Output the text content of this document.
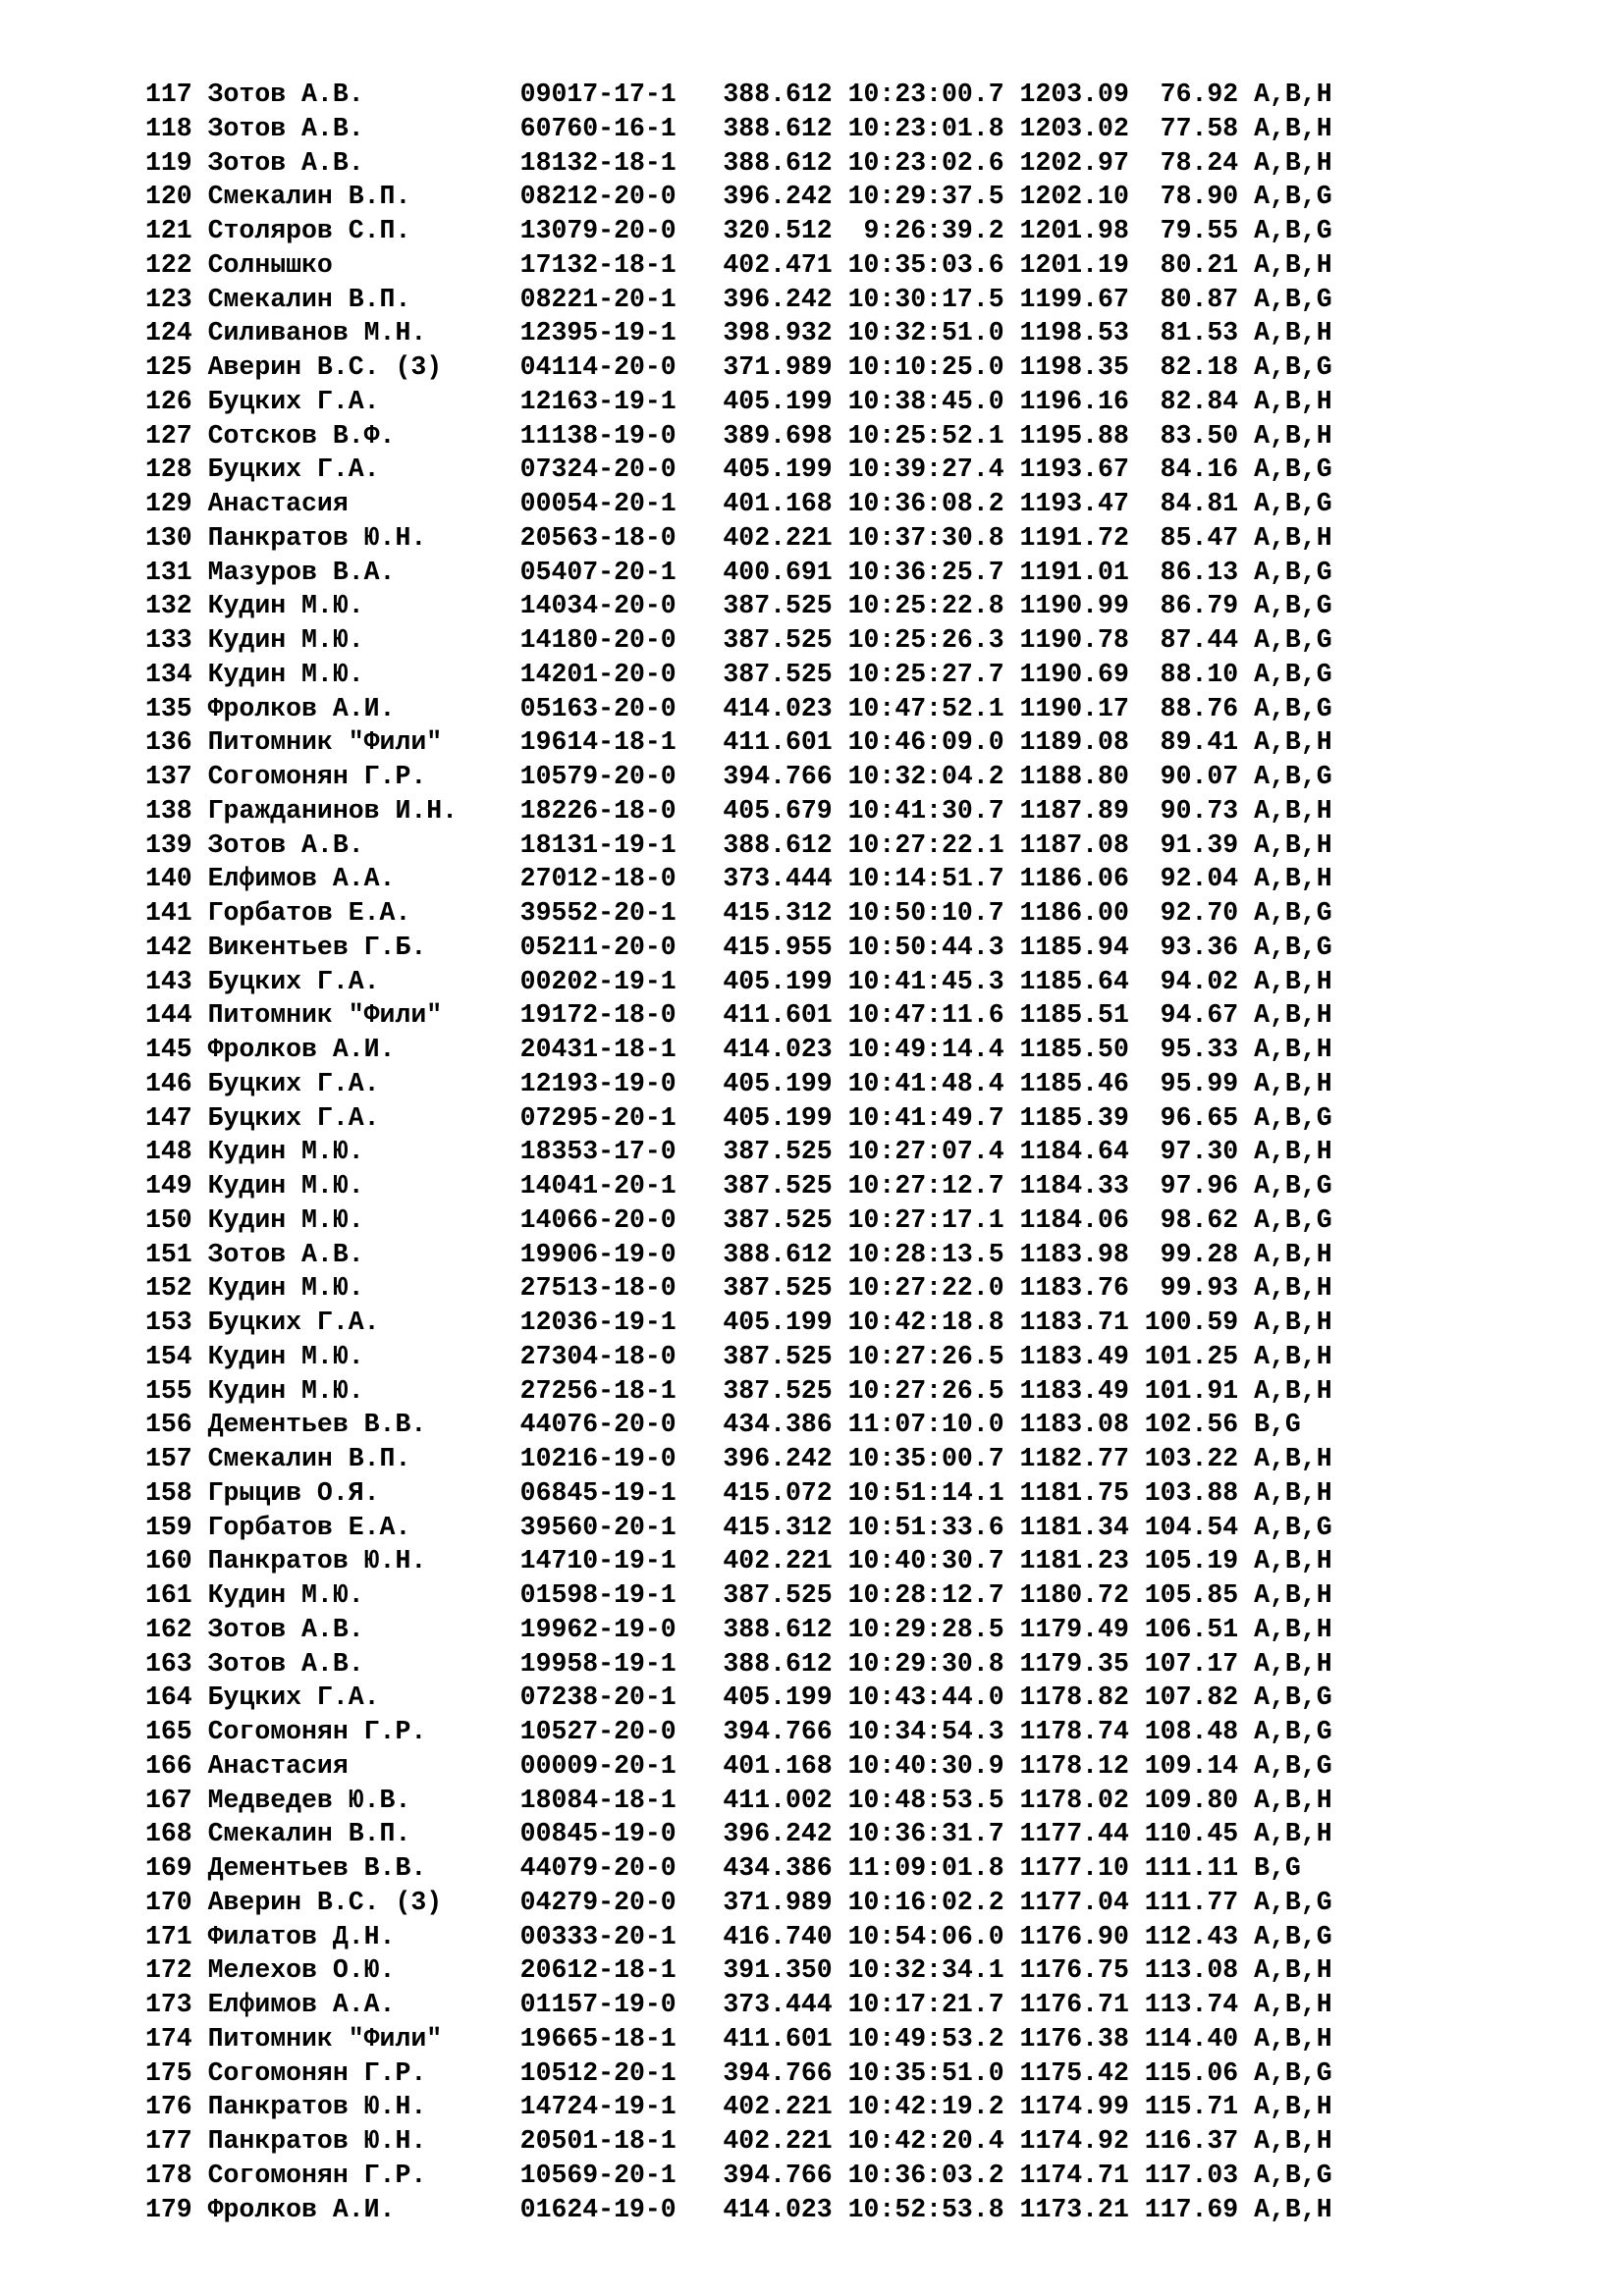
117 Зотов А.В.          09017-17-1   388.612 10:23:00.7 1203.09  76.92 A,B,H
118 Зотов А.В.          60760-16-1   388.612 10:23:01.8 1203.02  77.58 A,B,H
119 Зотов А.В.          18132-18-1   388.612 10:23:02.6 1202.97  78.24 A,B,H
120 Смекалин В.П.       08212-20-0   396.242 10:29:37.5 1202.10  78.90 A,B,G
121 Столяров С.П.       13079-20-0   320.512  9:26:39.2 1201.98  79.55 A,B,G
122 Солнышко            17132-18-1   402.471 10:35:03.6 1201.19  80.21 A,B,H
123 Смекалин В.П.       08221-20-1   396.242 10:30:17.5 1199.67  80.87 A,B,G
124 Силиванов М.Н.      12395-19-1   398.932 10:32:51.0 1198.53  81.53 A,B,H
125 Аверин В.С. (3)     04114-20-0   371.989 10:10:25.0 1198.35  82.18 A,B,G
126 Буцких Г.А.         12163-19-1   405.199 10:38:45.0 1196.16  82.84 A,B,H
127 Сотсков В.Ф.        11138-19-0   389.698 10:25:52.1 1195.88  83.50 A,B,H
128 Буцких Г.А.         07324-20-0   405.199 10:39:27.4 1193.67  84.16 A,B,G
129 Анастасия           00054-20-1   401.168 10:36:08.2 1193.47  84.81 A,B,G
130 Панкратов Ю.Н.      20563-18-0   402.221 10:37:30.8 1191.72  85.47 A,B,H
131 Мазуров В.А.        05407-20-1   400.691 10:36:25.7 1191.01  86.13 A,B,G
132 Кудин М.Ю.          14034-20-0   387.525 10:25:22.8 1190.99  86.79 A,B,G
133 Кудин М.Ю.          14180-20-0   387.525 10:25:26.3 1190.78  87.44 A,B,G
134 Кудин М.Ю.          14201-20-0   387.525 10:25:27.7 1190.69  88.10 A,B,G
135 Фролков А.И.        05163-20-0   414.023 10:47:52.1 1190.17  88.76 A,B,G
136 Питомник "Фили"     19614-18-1   411.601 10:46:09.0 1189.08  89.41 A,B,H
137 Согомонян Г.Р.      10579-20-0   394.766 10:32:04.2 1188.80  90.07 A,B,G
138 Гражданинов И.Н.    18226-18-0   405.679 10:41:30.7 1187.89  90.73 A,B,H
139 Зотов А.В.          18131-19-1   388.612 10:27:22.1 1187.08  91.39 A,B,H
140 Елфимов А.А.        27012-18-0   373.444 10:14:51.7 1186.06  92.04 A,B,H
141 Горбатов Е.А.       39552-20-1   415.312 10:50:10.7 1186.00  92.70 A,B,G
142 Викентьев Г.Б.      05211-20-0   415.955 10:50:44.3 1185.94  93.36 A,B,G
143 Буцких Г.А.         00202-19-1   405.199 10:41:45.3 1185.64  94.02 A,B,H
144 Питомник "Фили"     19172-18-0   411.601 10:47:11.6 1185.51  94.67 A,B,H
145 Фролков А.И.        20431-18-1   414.023 10:49:14.4 1185.50  95.33 A,B,H
146 Буцких Г.А.         12193-19-0   405.199 10:41:48.4 1185.46  95.99 A,B,H
147 Буцких Г.А.         07295-20-1   405.199 10:41:49.7 1185.39  96.65 A,B,G
148 Кудин М.Ю.          18353-17-0   387.525 10:27:07.4 1184.64  97.30 A,B,H
149 Кудин М.Ю.          14041-20-1   387.525 10:27:12.7 1184.33  97.96 A,B,G
150 Кудин М.Ю.          14066-20-0   387.525 10:27:17.1 1184.06  98.62 A,B,G
151 Зотов А.В.          19906-19-0   388.612 10:28:13.5 1183.98  99.28 A,B,H
152 Кудин М.Ю.          27513-18-0   387.525 10:27:22.0 1183.76  99.93 A,B,H
153 Буцких Г.А.         12036-19-1   405.199 10:42:18.8 1183.71 100.59 A,B,H
154 Кудин М.Ю.          27304-18-0   387.525 10:27:26.5 1183.49 101.25 A,B,H
155 Кудин М.Ю.          27256-18-1   387.525 10:27:26.5 1183.49 101.91 A,B,H
156 Дементьев В.В.      44076-20-0   434.386 11:07:10.0 1183.08 102.56 B,G
157 Смекалин В.П.       10216-19-0   396.242 10:35:00.7 1182.77 103.22 A,B,H
158 Грыцив О.Я.         06845-19-1   415.072 10:51:14.1 1181.75 103.88 A,B,H
159 Горбатов Е.А.       39560-20-1   415.312 10:51:33.6 1181.34 104.54 A,B,G
160 Панкратов Ю.Н.      14710-19-1   402.221 10:40:30.7 1181.23 105.19 A,B,H
161 Кудин М.Ю.          01598-19-1   387.525 10:28:12.7 1180.72 105.85 A,B,H
162 Зотов А.В.          19962-19-0   388.612 10:29:28.5 1179.49 106.51 A,B,H
163 Зотов А.В.          19958-19-1   388.612 10:29:30.8 1179.35 107.17 A,B,H
164 Буцких Г.А.         07238-20-1   405.199 10:43:44.0 1178.82 107.82 A,B,G
165 Согомонян Г.Р.      10527-20-0   394.766 10:34:54.3 1178.74 108.48 A,B,G
166 Анастасия           00009-20-1   401.168 10:40:30.9 1178.12 109.14 A,B,G
167 Медведев Ю.В.       18084-18-1   411.002 10:48:53.5 1178.02 109.80 A,B,H
168 Смекалин В.П.       00845-19-0   396.242 10:36:31.7 1177.44 110.45 A,B,H
169 Дементьев В.В.      44079-20-0   434.386 11:09:01.8 1177.10 111.11 B,G
170 Аверин В.С. (3)     04279-20-0   371.989 10:16:02.2 1177.04 111.77 A,B,G
171 Филатов Д.Н.        00333-20-1   416.740 10:54:06.0 1176.90 112.43 A,B,G
172 Мелехов О.Ю.        20612-18-1   391.350 10:32:34.1 1176.75 113.08 A,B,H
173 Елфимов А.А.        01157-19-0   373.444 10:17:21.7 1176.71 113.74 A,B,H
174 Питомник "Фили"     19665-18-1   411.601 10:49:53.2 1176.38 114.40 A,B,H
175 Согомонян Г.Р.      10512-20-1   394.766 10:35:51.0 1175.42 115.06 A,B,G
176 Панкратов Ю.Н.      14724-19-1   402.221 10:42:19.2 1174.99 115.71 A,B,H
177 Панкратов Ю.Н.      20501-18-1   402.221 10:42:20.4 1174.92 116.37 A,B,H
178 Согомонян Г.Р.      10569-20-1   394.766 10:36:03.2 1174.71 117.03 A,B,G
179 Фролков А.И.        01624-19-0   414.023 10:52:53.8 1173.21 117.69 A,B,H
